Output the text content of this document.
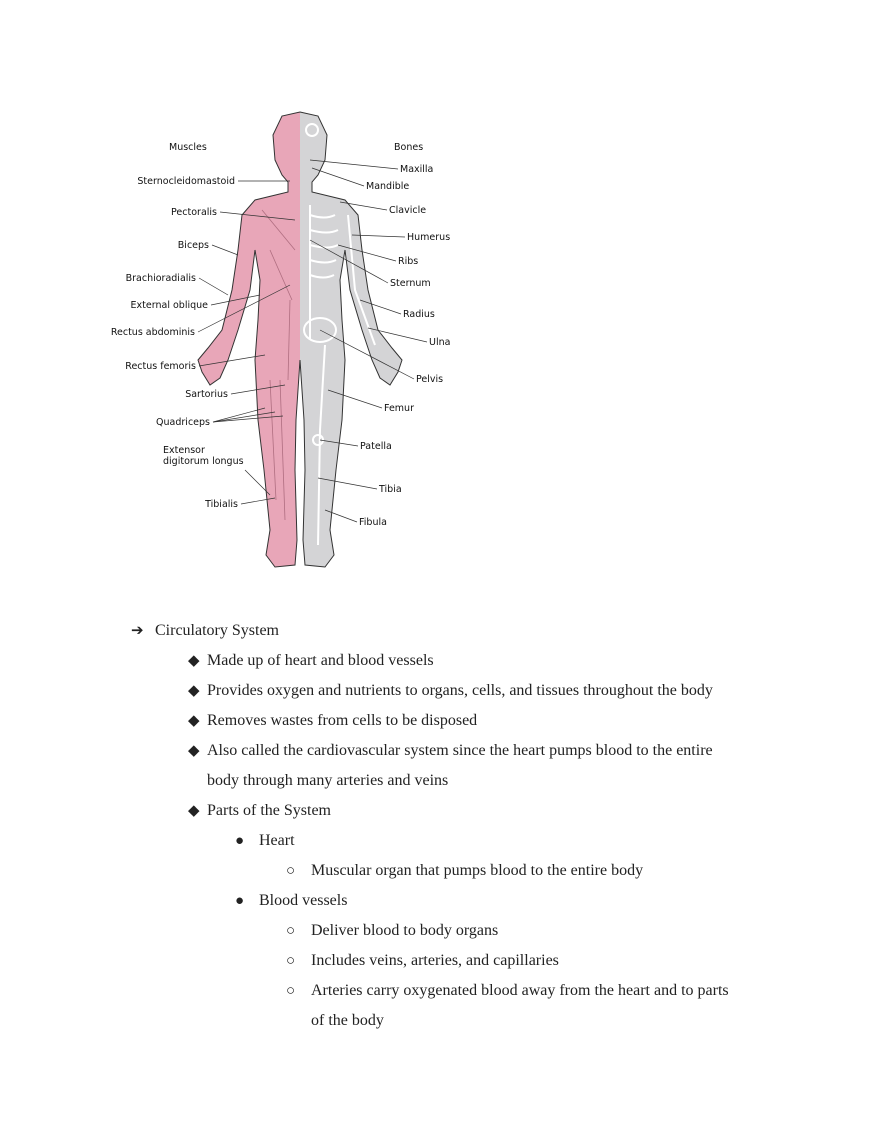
Muscles	Bones
Sternocleidomastoid
Pectoralis
Biceps
Brachioradialis
External oblique
Rectus abdominis
Rectus femoris
Sartorius
Quadriceps
Extensor
digitorum longus
Tibialis
Maxilla
Mandible
Clavicle
Humerus
Ribs
Sternum
Radius
Ulna
Pelvis
Femur
Patella
Tibia
Fibula
➔ Circulatory System
◆ Made up of heart and blood vessels
◆ Provides oxygen and nutrients to organs, cells, and tissues throughout the body
◆ Removes wastes from cells to be disposed
◆ Also called the cardiovascular system since the heart pumps blood to the entire
body through many arteries and veins
◆ Parts of the System
● Heart
○ Muscular organ that pumps blood to the entire body
● Blood vessels
○ Deliver blood to body organs
○ Includes veins, arteries, and capillaries
○ Arteries carry oxygenated blood away from the heart and to parts
of the body
